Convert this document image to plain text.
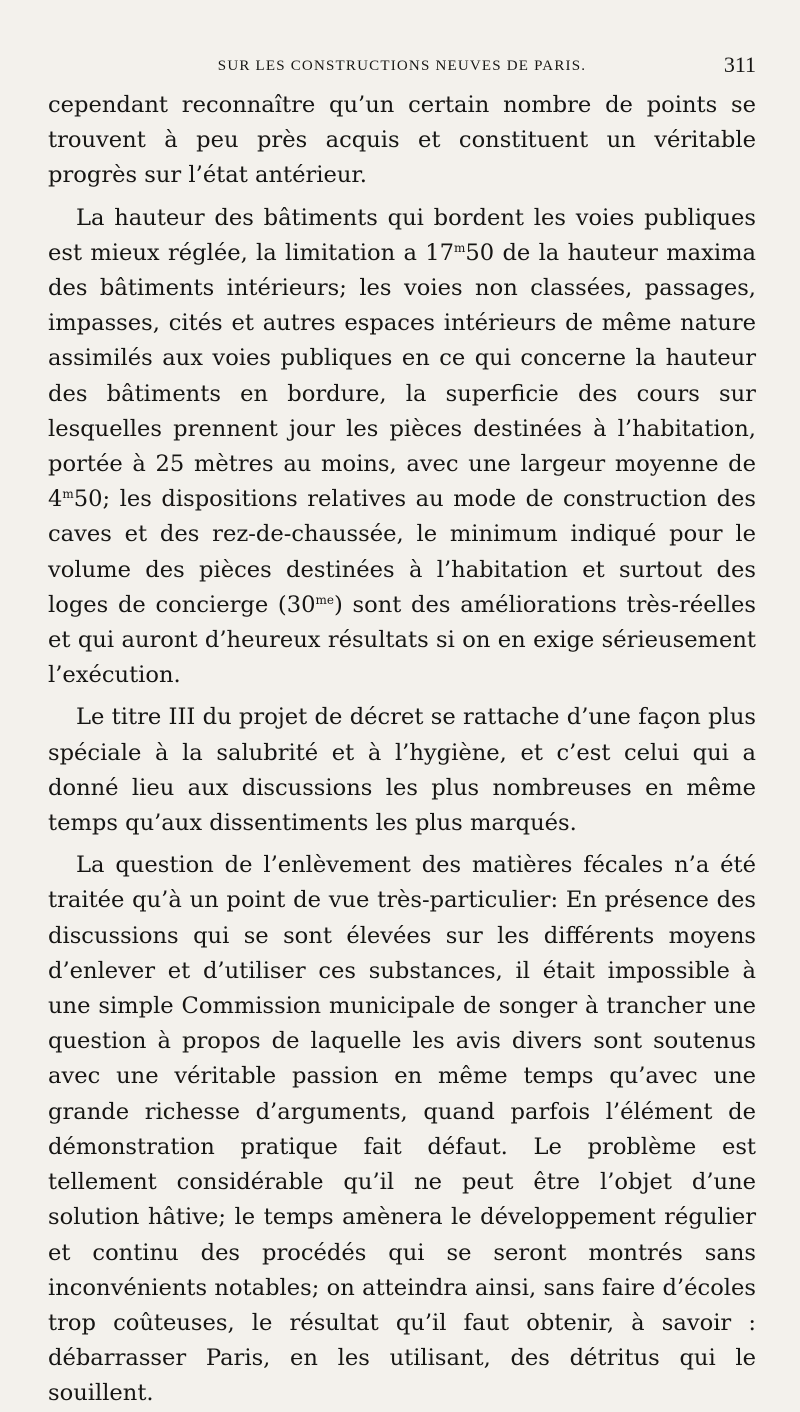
SUR LES CONSTRUCTIONS NEUVES DE PARIS.	311

cependant reconnaître qu’un certain nombre de points se trouvent à peu près acquis et constituent un véritable progrès sur l’état antérieur.

La hauteur des bâtiments qui bordent les voies publiques est mieux réglée, la limitation a 17$^m$50 de la hauteur maxima des bâtiments intérieurs; les voies non classées, passages, impasses, cités et autres espaces intérieurs de même nature assimilés aux voies publiques en ce qui concerne la hauteur des bâtiments en bordure, la superficie des cours sur lesquelles prennent jour les pièces destinées à l’habitation, portée à 25 mètres au moins, avec une largeur moyenne de 4$^m$50; les dispositions relatives au mode de construction des caves et des rez-de-chaussée, le minimum indiqué pour le volume des pièces destinées à l’habitation et surtout des loges de concierge $(30^{me})$ sont des améliorations très-réelles et qui auront d’heureux résultats si on en exige sérieusement l’exécution.

Le titre III du projet de décret se rattache d’une façon plus spéciale à la salubrité et à l’hygiène, et c’est celui qui a donné lieu aux discussions les plus nombreuses en même temps qu’aux dissentiments les plus marqués.

La question de l’enlèvement des matières fécales n’a été traitée qu’à un point de vue très-particulier: En présence des discussions qui se sont élevées sur les différents moyens d’enlever et d’utiliser ces substances, il était impossible à une simple Commission municipale de songer à trancher une question à propos de laquelle les avis divers sont soutenus avec une véritable passion en même temps qu’avec une grande richesse d’arguments, quand parfois l’élément de démonstration pratique fait défaut. Le problème est tellement considérable qu’il ne peut être l’objet d’une solution hâtive; le temps amènera le développement régulier et continu des procédés qui se seront montrés sans inconvénients notables; on atteindra ainsi, sans faire d’écoles trop coûteuses, le résultat qu’il faut obtenir, à savoir : débarrasser Paris, en les utilisant, des détritus qui le souillent.
